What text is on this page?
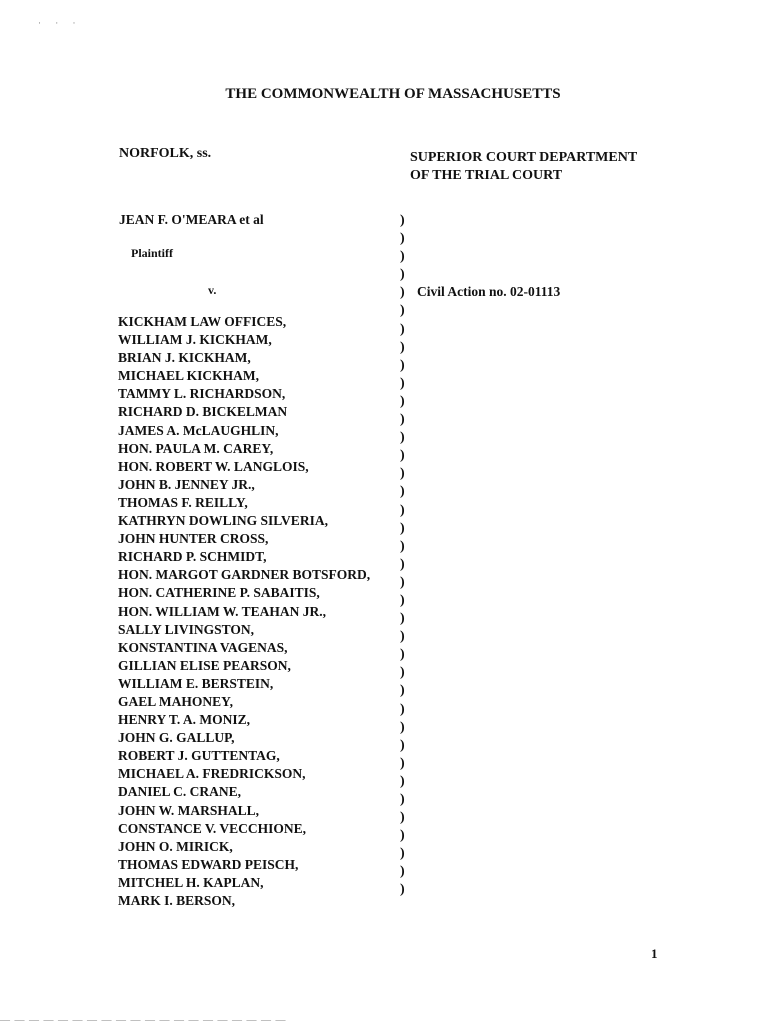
· · ·
THE COMMONWEALTH OF MASSACHUSETTS
NORFOLK, ss.	SUPERIOR COURT DEPARTMENT
OF THE TRIAL COURT
JEAN F. O'MEARA et al
Plaintiff
v.	Civil Action no. 02-01113
KICKHAM LAW OFFICES,
WILLIAM J. KICKHAM,
BRIAN J. KICKHAM,
MICHAEL KICKHAM,
TAMMY L. RICHARDSON,
RICHARD D. BICKELMAN
JAMES A. McLAUGHLIN,
HON. PAULA M. CAREY,
HON. ROBERT W. LANGLOIS,
JOHN B. JENNEY JR.,
THOMAS F. REILLY,
KATHRYN DOWLING SILVERIA,
JOHN HUNTER CROSS,
RICHARD P. SCHMIDT,
HON. MARGOT GARDNER BOTSFORD,
HON. CATHERINE P. SABAITIS,
HON. WILLIAM W. TEAHAN JR.,
SALLY LIVINGSTON,
KONSTANTINA VAGENAS,
GILLIAN ELISE PEARSON,
WILLIAM E. BERSTEIN,
GAEL MAHONEY,
HENRY T. A. MONIZ,
JOHN G. GALLUP,
ROBERT J. GUTTENTAG,
MICHAEL A. FREDRICKSON,
DANIEL C. CRANE,
JOHN W. MARSHALL,
CONSTANCE V. VECCHIONE,
JOHN O. MIRICK,
THOMAS EDWARD PEISCH,
MITCHEL H. KAPLAN,
MARK I. BERSON,
)
)
)
)
)
)
)
)
)
)
)
)
)
)
)
)
)
)
)
)
)
)
)
)
)
)
)
)
)
)
)
)
)
)
)
)
)
)
1
— — — — — — — — — — — — — — — — — — — —
